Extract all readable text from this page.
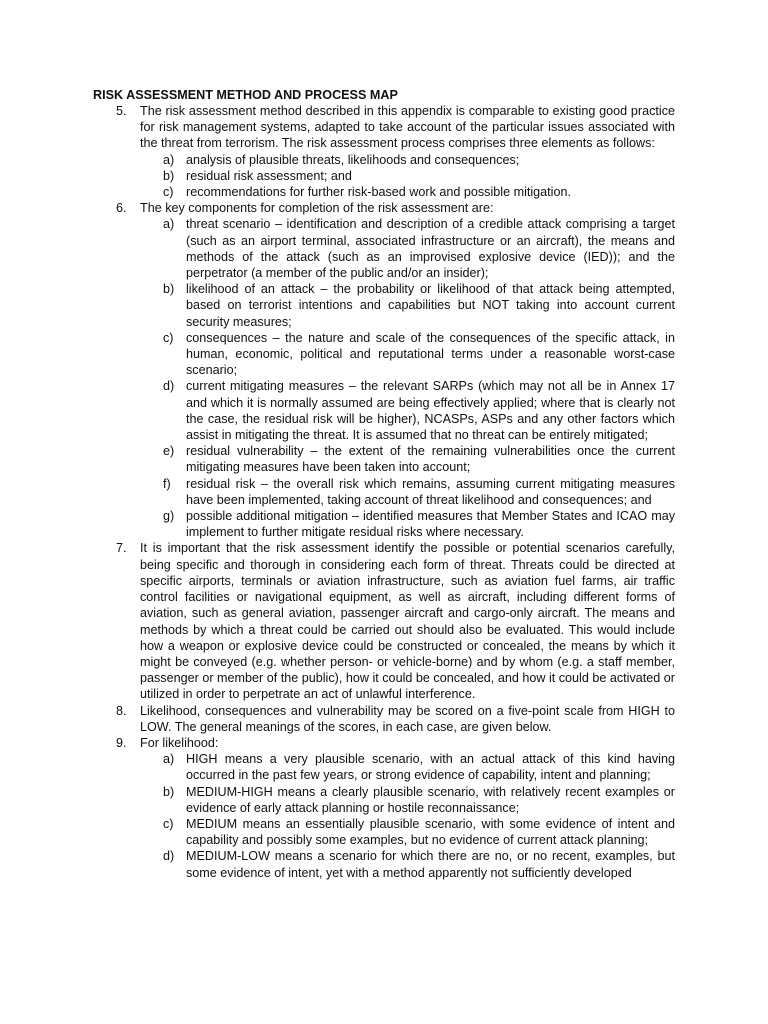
RISK ASSESSMENT METHOD AND PROCESS MAP
5. The risk assessment method described in this appendix is comparable to existing good practice for risk management systems, adapted to take account of the particular issues associated with the threat from terrorism. The risk assessment process comprises three elements as follows:
a) analysis of plausible threats, likelihoods and consequences;
b) residual risk assessment; and
c) recommendations for further risk-based work and possible mitigation.
6. The key components for completion of the risk assessment are:
a) threat scenario – identification and description of a credible attack comprising a target (such as an airport terminal, associated infrastructure or an aircraft), the means and methods of the attack (such as an improvised explosive device (IED)); and the perpetrator (a member of the public and/or an insider);
b) likelihood of an attack – the probability or likelihood of that attack being attempted, based on terrorist intentions and capabilities but NOT taking into account current security measures;
c) consequences – the nature and scale of the consequences of the specific attack, in human, economic, political and reputational terms under a reasonable worst-case scenario;
d) current mitigating measures – the relevant SARPs (which may not all be in Annex 17 and which it is normally assumed are being effectively applied; where that is clearly not the case, the residual risk will be higher), NCASPs, ASPs and any other factors which assist in mitigating the threat. It is assumed that no threat can be entirely mitigated;
e) residual vulnerability – the extent of the remaining vulnerabilities once the current mitigating measures have been taken into account;
f) residual risk – the overall risk which remains, assuming current mitigating measures have been implemented, taking account of threat likelihood and consequences; and
g) possible additional mitigation – identified measures that Member States and ICAO may implement to further mitigate residual risks where necessary.
7. It is important that the risk assessment identify the possible or potential scenarios carefully, being specific and thorough in considering each form of threat. Threats could be directed at specific airports, terminals or aviation infrastructure, such as aviation fuel farms, air traffic control facilities or navigational equipment, as well as aircraft, including different forms of aviation, such as general aviation, passenger aircraft and cargo-only aircraft. The means and methods by which a threat could be carried out should also be evaluated. This would include how a weapon or explosive device could be constructed or concealed, the means by which it might be conveyed (e.g. whether person- or vehicle-borne) and by whom (e.g. a staff member, passenger or member of the public), how it could be concealed, and how it could be activated or utilized in order to perpetrate an act of unlawful interference.
8. Likelihood, consequences and vulnerability may be scored on a five-point scale from HIGH to LOW. The general meanings of the scores, in each case, are given below.
9. For likelihood:
a) HIGH means a very plausible scenario, with an actual attack of this kind having occurred in the past few years, or strong evidence of capability, intent and planning;
b) MEDIUM-HIGH means a clearly plausible scenario, with relatively recent examples or evidence of early attack planning or hostile reconnaissance;
c) MEDIUM means an essentially plausible scenario, with some evidence of intent and capability and possibly some examples, but no evidence of current attack planning;
d) MEDIUM-LOW means a scenario for which there are no, or no recent, examples, but some evidence of intent, yet with a method apparently not sufficiently developed
